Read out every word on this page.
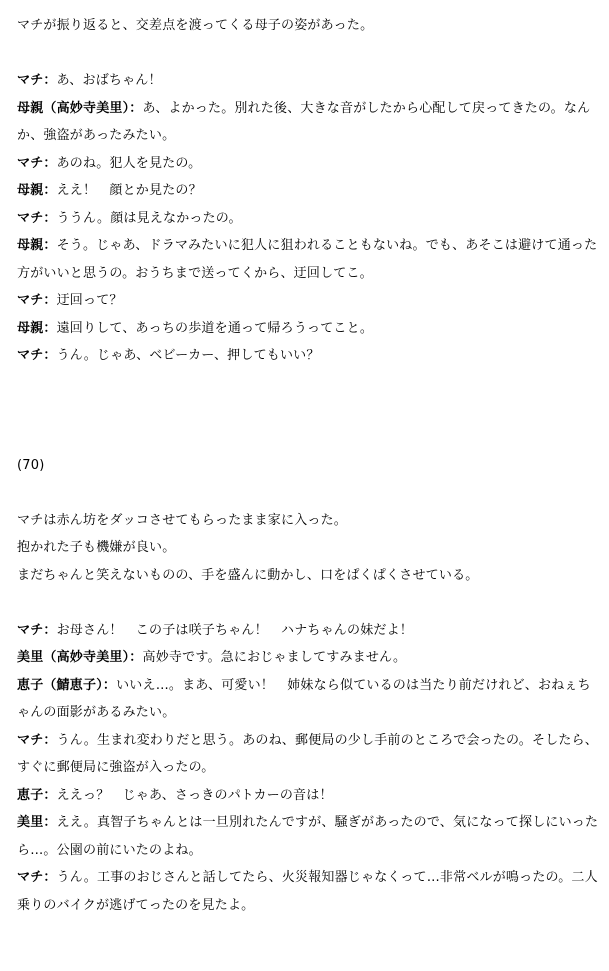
マチが振り返ると、交差点を渡ってくる母子の姿があった。
マチ：あ、おばちゃん！
母親（高妙寺美里）：あ、よかった。別れた後、大きな音がしたから心配して戻ってきたの。なんか、強盗があったみたい。
マチ：あのね。犯人を見たの。
母親：ええ！　顔とか見たの？
マチ：ううん。顔は見えなかったの。
母親：そう。じゃあ、ドラマみたいに犯人に狙われることもないね。でも、あそこは避けて通った方がいいと思うの。おうちまで送ってくから、迂回してこ。
マチ：迂回って？
母親：遠回りして、あっちの歩道を通って帰ろうってこと。
マチ：うん。じゃあ、ベビーカー、押してもいい？
(70)
マチは赤ん坊をダッコさせてもらったまま家に入った。
抱かれた子も機嫌が良い。
まだちゃんと笑えないものの、手を盛んに動かし、口をぱくぱくさせている。
マチ：お母さん！　この子は咲子ちゃん！　ハナちゃんの妹だよ！
美里（高妙寺美里）：高妙寺です。急におじゃましてすみません。
恵子（鯖恵子）：いいえ…。まあ、可愛い！　姉妹なら似ているのは当たり前だけれど、おねぇちゃんの面影があるみたい。
マチ：うん。生まれ変わりだと思う。あのね、郵便局の少し手前のところで会ったの。そしたら、すぐに郵便局に強盗が入ったの。
恵子：ええっ？　じゃあ、さっきのパトカーの音は！
美里：ええ。真智子ちゃんとは一旦別れたんですが、騒ぎがあったので、気になって探しにいったら…。公園の前にいたのよね。
マチ：うん。工事のおじさんと話してたら、火災報知器じゃなくって…非常ベルが鳴ったの。二人乗りのバイクが逃げてったのを見たよ。
